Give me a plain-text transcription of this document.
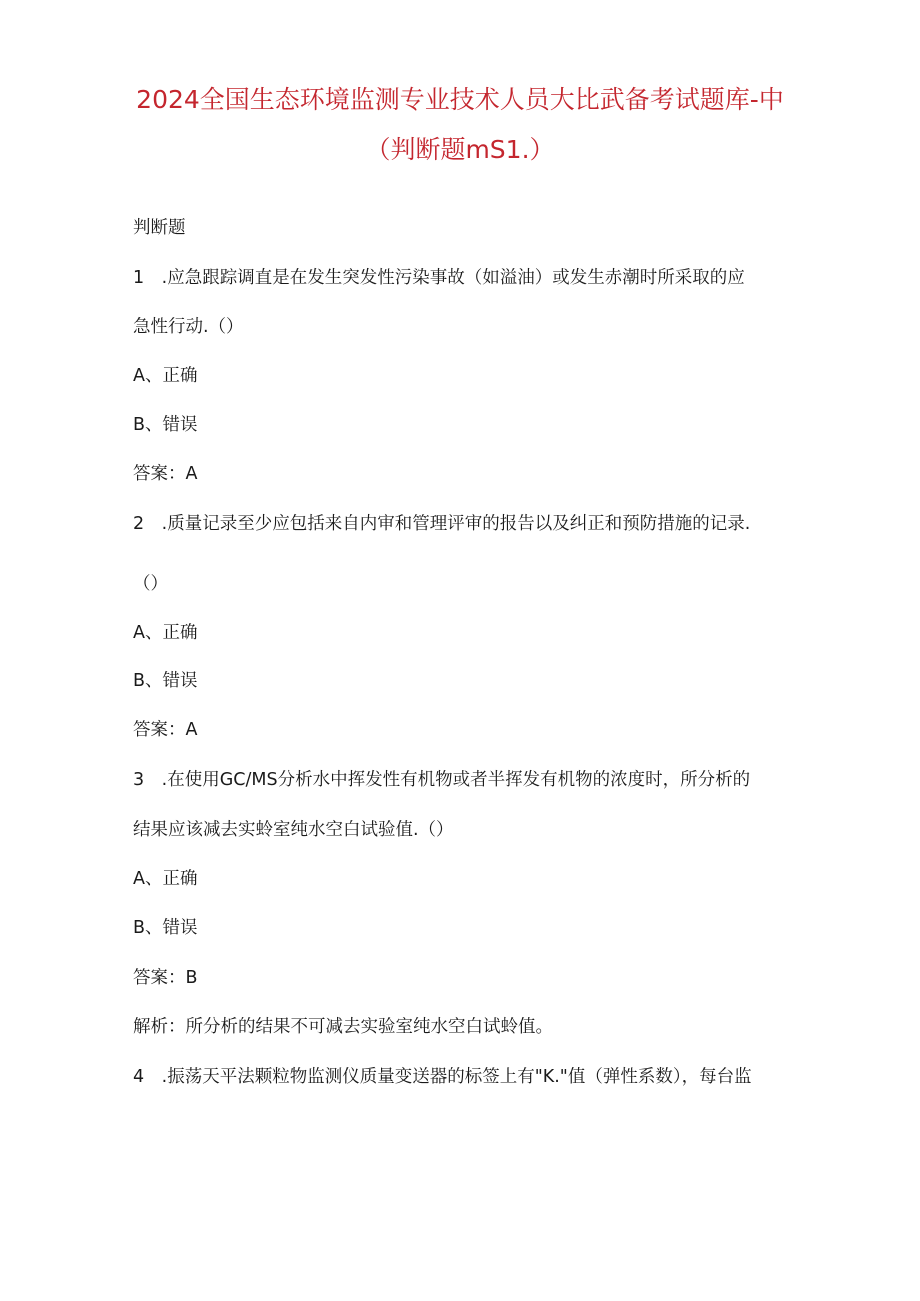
2024全国生态环境监测专业技术人员大比武备考试题库-中
（判断题mS1.）
判断题
1　.应急跟踪调直是在发生突发性污染事故（如溢油）或发生赤潮时所采取的应
急性行动.（）
A、正确
B、错误
答案：A
2　.质量记录至少应包括来自内审和管理评审的报告以及纠正和预防措施的记录.
（）
A、正确
B、错误
答案：A
3　.在使用GC/MS分析水中挥发性有机物或者半挥发有机物的浓度时，所分析的
结果应该减去实蛉室纯水空白试验值.（）
A、正确
B、错误
答案：B
解析：所分析的结果不可减去实验室纯水空白试蛉值。
4　.振荡天平法颗粒物监测仪质量变送器的标签上有"K."值（弹性系数），每台监
